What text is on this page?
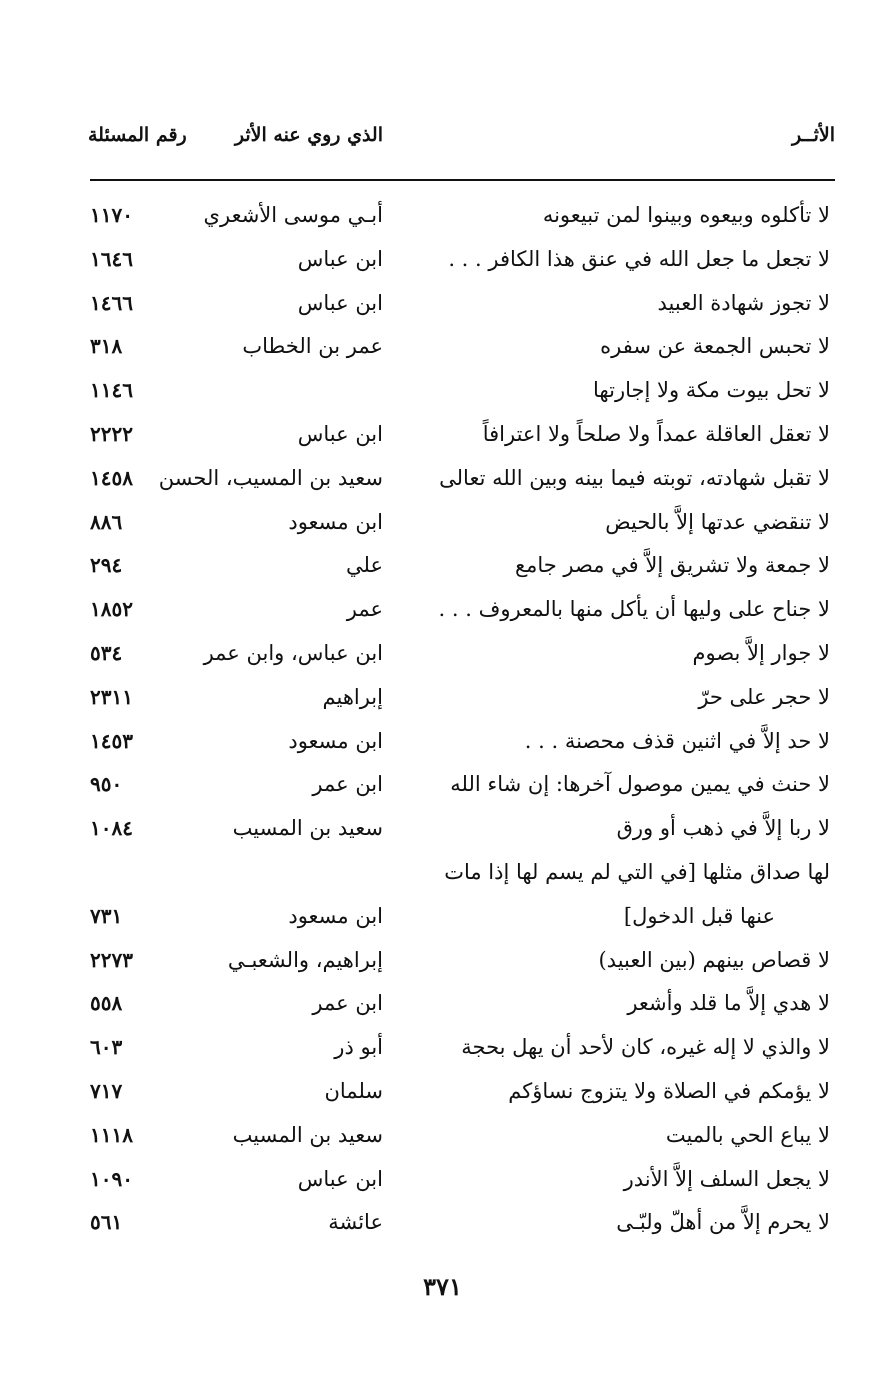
الأثــر
الذي روي عنه الأثر
رقم المسئلة
لا تأكلوه وبيعوه وبينوا لمن تبيعونه
أبـي موسى الأشعري
١١٧٠
لا تجعل ما جعل الله في عنق هذا الكافر . . .
ابن عباس
١٦٤٦
لا تجوز شهادة العبيد
ابن عباس
١٤٦٦
لا تحبس الجمعة عن سفره
عمر بن الخطاب
٣١٨
لا تحل بيوت مكة ولا إجارتها
١١٤٦
لا تعقل العاقلة عمداً ولا صلحاً ولا اعترافاً
ابن عباس
٢٢٢٢
لا تقبل شهادته، توبته فيما بينه وبين الله تعالى
سعيد بن المسيب، الحسن
١٤٥٨
لا تنقضي عدتها إلاَّ بالحيض
ابن مسعود
٨٨٦
لا جمعة ولا تشريق إلاَّ في مصر جامع
علي
٢٩٤
لا جناح على وليها أن يأكل منها بالمعروف . . .
عمر
١٨٥٢
لا جوار إلاَّ بصوم
ابن عباس، وابن عمر
٥٣٤
لا حجر على حرّ
إبراهيم
٢٣١١
لا حد إلاَّ في اثنين قذف محصنة . . .
ابن مسعود
١٤٥٣
لا حنث في يمين موصول آخرها: إن شاء الله
ابن عمر
٩٥٠
لا ربا إلاَّ في ذهب أو ورق
سعيد بن المسيب
١٠٨٤
لها صداق مثلها [في التي لم يسم لها إذا مات
عنها قبل الدخول]
ابن مسعود
٧٣١
لا قصاص بينهم (بين العبيد)
إبراهيم، والشعبـي
٢٢٧٣
لا هدي إلاَّ ما قلد وأشعر
ابن عمر
٥٥٨
لا والذي لا إله غيره، كان لأحد أن يهل بحجة
أبو ذر
٦٠٣
لا يؤمكم في الصلاة ولا يتزوج نساؤكم
سلمان
٧١٧
لا يباع الحي بالميت
سعيد بن المسيب
١١١٨
لا يجعل السلف إلاَّ الأندر
ابن عباس
١٠٩٠
لا يحرم إلاَّ من أهلّ ولبّـى
عائشة
٥٦١
٣٧١
